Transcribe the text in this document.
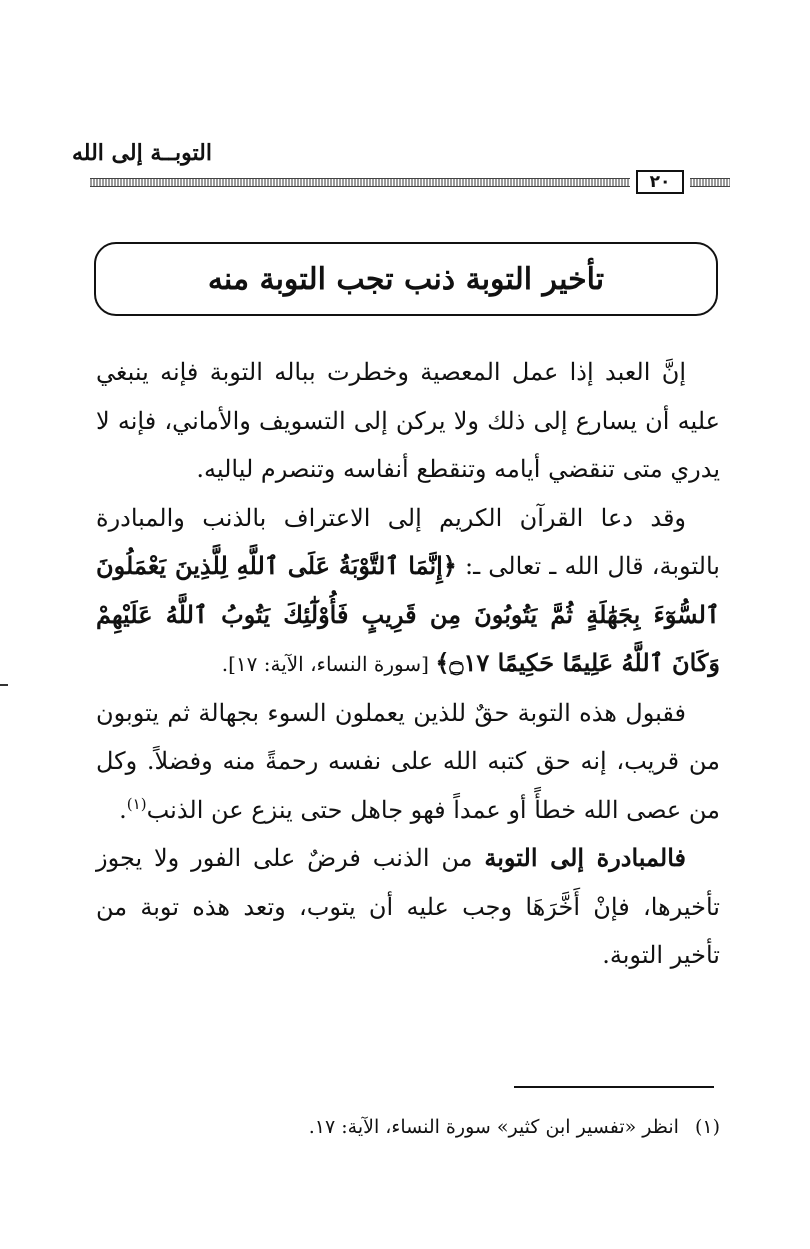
التوبــة إلى الله
٢٠
تأخير التوبة ذنب تجب التوبة منه

إنَّ العبد إذا عمل المعصية وخطرت بباله التوبة فإنه ينبغي عليه أن يسارع إلى ذلك ولا يركن إلى التسويف والأماني، فإنه لا يدري متى تنقضي أيامه وتنقطع أنفاسه وتنصرم لياليه.

وقد دعا القرآن الكريم إلى الاعتراف بالذنب والمبادرة بالتوبة، قال الله ـ تعالى ـ: ﴿إِنَّمَا ٱلتَّوْبَةُ عَلَى ٱللَّهِ لِلَّذِينَ يَعْمَلُونَ ٱلسُّوٓءَ بِجَهَٰلَةٍ ثُمَّ يَتُوبُونَ مِن قَرِيبٍ فَأُوْلَٰٓئِكَ يَتُوبُ ٱللَّهُ عَلَيْهِمْ وَكَانَ ٱللَّهُ عَلِيمًا حَكِيمًا ۝١٧﴾ [سورة النساء، الآية: ١٧].

فقبول هذه التوبة حقٌ للذين يعملون السوء بجهالة ثم يتوبون من قريب، إنه حق كتبه الله على نفسه رحمةً منه وفضلاً. وكل من عصى الله خطأً أو عمداً فهو جاهل حتى ينزع عن الذنب$^{(١)}$.

فالمبادرة إلى التوبة من الذنب فرضٌ على الفور ولا يجوز تأخيرها، فإنْ أَخَّرَهَا وجب عليه أن يتوب، وتعد هذه توبة من تأخير التوبة.

(١)انظر «تفسير ابن كثير» سورة النساء، الآية: ١٧.
